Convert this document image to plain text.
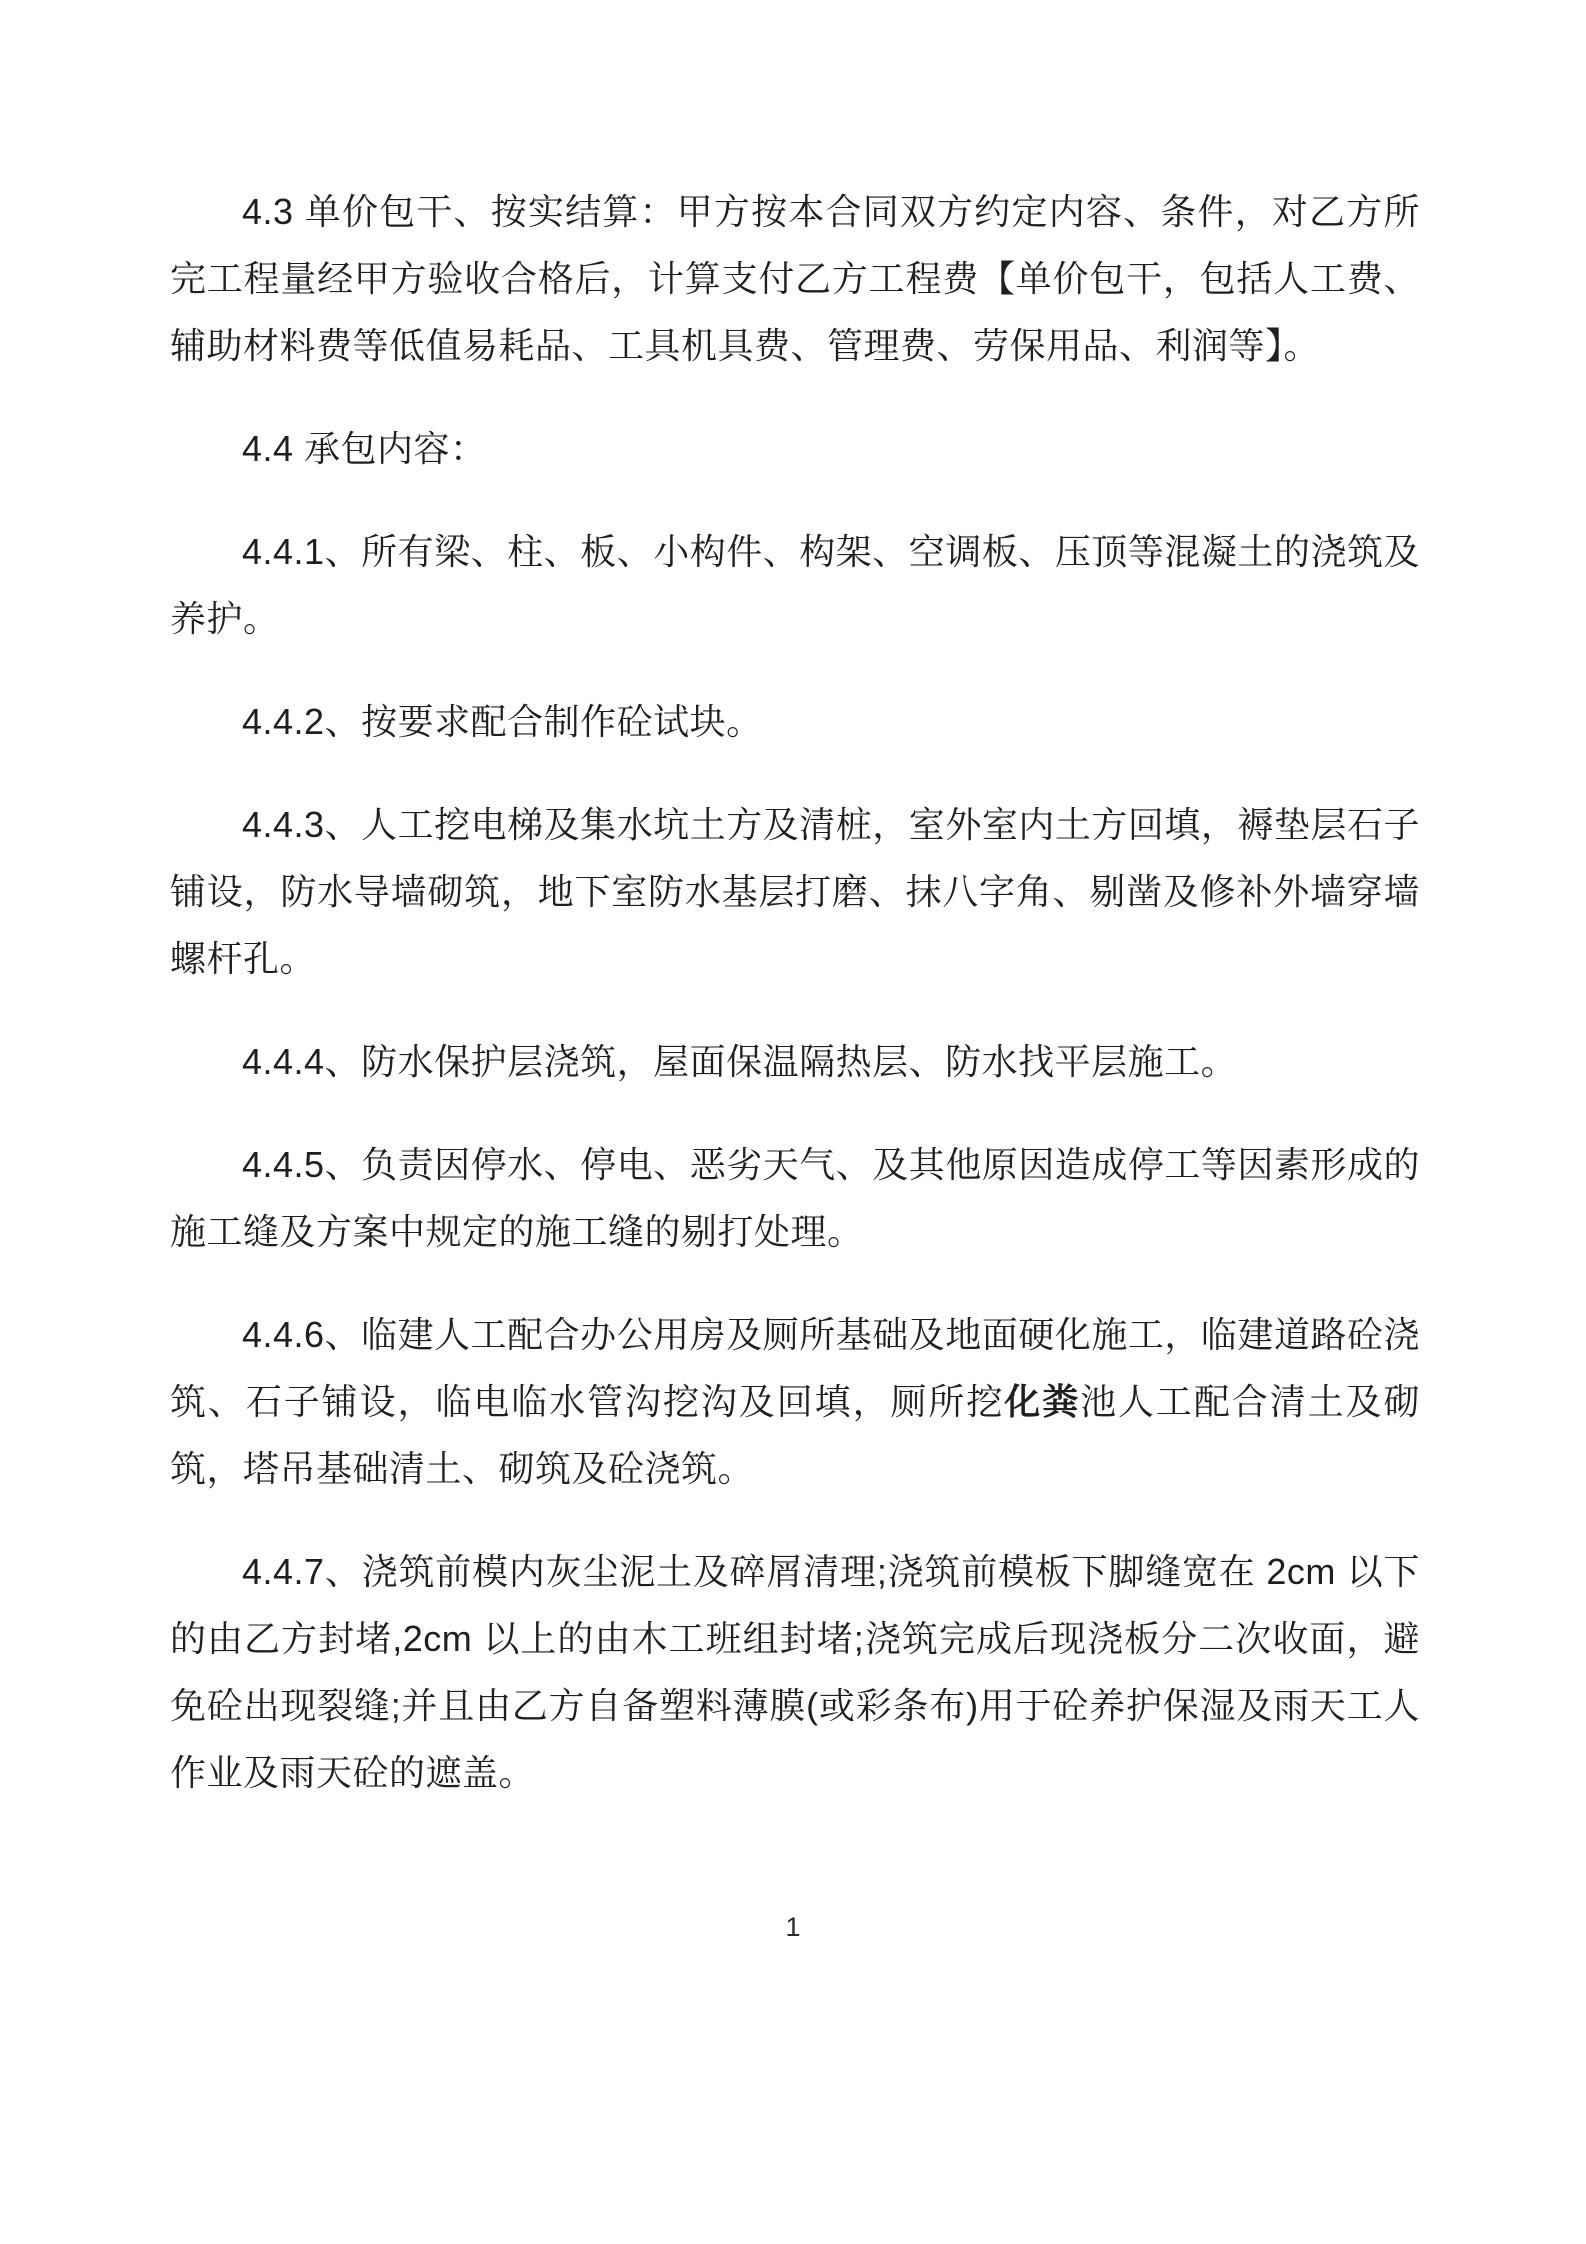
4.3 单价包干、按实结算：甲方按本合同双方约定内容、条件，对乙方所完工程量经甲方验收合格后，计算支付乙方工程费【单价包干，包括人工费、辅助材料费等低值易耗品、工具机具费、管理费、劳保用品、利润等】。

4.4 承包内容：

4.4.1、所有梁、柱、板、小构件、构架、空调板、压顶等混凝土的浇筑及养护。

4.4.2、按要求配合制作砼试块。

4.4.3、人工挖电梯及集水坑土方及清桩，室外室内土方回填，褥垫层石子铺设，防水导墙砌筑，地下室防水基层打磨、抹八字角、剔凿及修补外墙穿墙螺杆孔。

4.4.4、防水保护层浇筑，屋面保温隔热层、防水找平层施工。

4.4.5、负责因停水、停电、恶劣天气、及其他原因造成停工等因素形成的施工缝及方案中规定的施工缝的剔打处理。

4.4.6、临建人工配合办公用房及厕所基础及地面硬化施工，临建道路砼浇筑、石子铺设，临电临水管沟挖沟及回填，厕所挖化粪池人工配合清土及砌筑，塔吊基础清土、砌筑及砼浇筑。

4.4.7、浇筑前模内灰尘泥土及碎屑清理;浇筑前模板下脚缝宽在 2cm 以下的由乙方封堵,2cm 以上的由木工班组封堵;浇筑完成后现浇板分二次收面，避免砼出现裂缝;并且由乙方自备塑料薄膜(或彩条布)用于砼养护保湿及雨天工人作业及雨天砼的遮盖。

1
